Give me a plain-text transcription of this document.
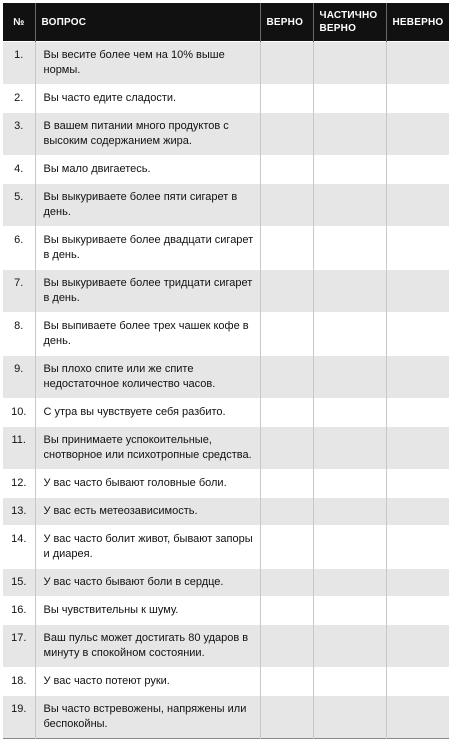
№	ВОПРОС	ВЕРНО	ЧАСТИЧНО ВЕРНО	НЕВЕРНО
1.	Вы весите более чем на 10% выше нормы.			
2.	Вы часто едите сладости.			
3.	В вашем питании много продуктов с высоким содержанием жира.			
4.	Вы мало двигаетесь.			
5.	Вы выкуриваете более пяти сигарет в день.			
6.	Вы выкуриваете более двадцати сигарет в день.			
7.	Вы выкуриваете более тридцати сигарет в день.			
8.	Вы выпиваете более трех чашек кофе в день.			
9.	Вы плохо спите или же спите недостаточное количество часов.			
10.	С утра вы чувствуете себя разбито.			
11.	Вы принимаете успокоительные, снотворное или психотропные средства.			
12.	У вас часто бывают головные боли.			
13.	У вас есть метеозависимость.			
14.	У вас часто болит живот, бывают запоры и диарея.			
15.	У вас часто бывают боли в сердце.			
16.	Вы чувствительны к шуму.			
17.	Ваш пульс может достигать 80 ударов в минуту в спокойном состоянии.			
18.	У вас часто потеют руки.			
19.	Вы часто встревожены, напряжены или беспокойны.			
